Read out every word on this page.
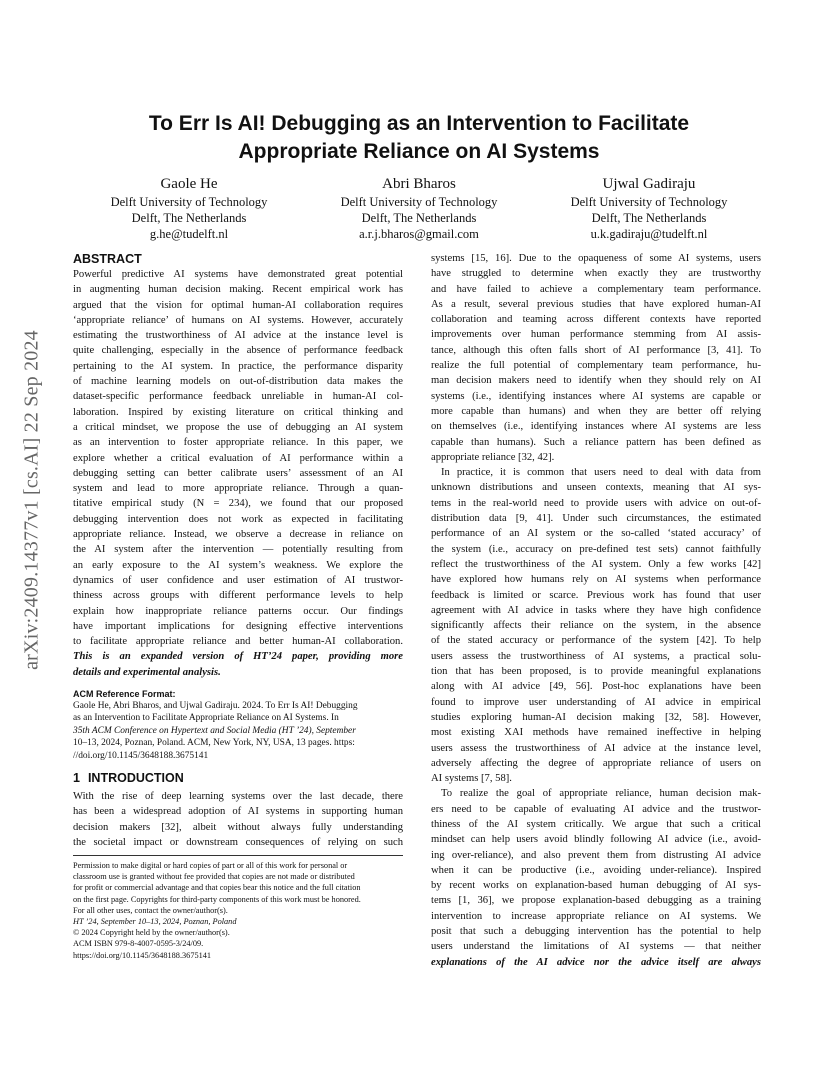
arXiv:2409.14377v1 [cs.AI] 22 Sep 2024
To Err Is AI! Debugging as an Intervention to Facilitate
Appropriate Reliance on AI Systems
Gaole He
Delft University of Technology
Delft, The Netherlands
g.he@tudelft.nl
Abri Bharos
Delft University of Technology
Delft, The Netherlands
a.r.j.bharos@gmail.com
Ujwal Gadiraju
Delft University of Technology
Delft, The Netherlands
u.k.gadiraju@tudelft.nl
ABSTRACT

Powerful predictive AI systems have demonstrated great potential
in augmenting human decision making. Recent empirical work has
argued that the vision for optimal human-AI collaboration requires
‘appropriate reliance’ of humans on AI systems. However, accurately
estimating the trustworthiness of AI advice at the instance level is
quite challenging, especially in the absence of performance feedback
pertaining to the AI system. In practice, the performance disparity
of machine learning models on out-of-distribution data makes the
dataset-specific performance feedback unreliable in human-AI col-
laboration. Inspired by existing literature on critical thinking and
a critical mindset, we propose the use of debugging an AI system
as an intervention to foster appropriate reliance. In this paper, we
explore whether a critical evaluation of AI performance within a
debugging setting can better calibrate users’ assessment of an AI
system and lead to more appropriate reliance. Through a quan-
titative empirical study (N = 234), we found that our proposed
debugging intervention does not work as expected in facilitating
appropriate reliance. Instead, we observe a decrease in reliance on
the AI system after the intervention — potentially resulting from
an early exposure to the AI system’s weakness. We explore the
dynamics of user confidence and user estimation of AI trustwor-
thiness across groups with different performance levels to help
explain how inappropriate reliance patterns occur. Our findings
have important implications for designing effective interventions
to facilitate appropriate reliance and better human-AI collaboration.
This is an expanded version of HT’24 paper, providing more
details and experimental analysis.

ACM Reference Format:

Gaole He, Abri Bharos, and Ujwal Gadiraju. 2024. To Err Is AI! Debugging
as an Intervention to Facilitate Appropriate Reliance on AI Systems. In
35th ACM Conference on Hypertext and Social Media (HT ’24), September
10–13, 2024, Poznan, Poland. ACM, New York, NY, USA, 13 pages. https:
//doi.org/10.1145/3648188.3675141

1 INTRODUCTION

With the rise of deep learning systems over the last decade, there
has been a widespread adoption of AI systems in supporting human
decision makers [32], albeit without always fully understanding
the societal impact or downstream consequences of relying on such

Permission to make digital or hard copies of part or all of this work for personal or
classroom use is granted without fee provided that copies are not made or distributed
for profit or commercial advantage and that copies bear this notice and the full citation
on the first page. Copyrights for third-party components of this work must be honored.
For all other uses, contact the owner/author(s).
HT ’24, September 10–13, 2024, Poznan, Poland
© 2024 Copyright held by the owner/author(s).
ACM ISBN 979-8-4007-0595-3/24/09.
https://doi.org/10.1145/3648188.3675141

systems [15, 16]. Due to the opaqueness of some AI systems, users
have struggled to determine when exactly they are trustworthy
and have failed to achieve a complementary team performance.
As a result, several previous studies that have explored human-AI
collaboration and teaming across different contexts have reported
improvements over human performance stemming from AI assis-
tance, although this often falls short of AI performance [3, 41]. To
realize the full potential of complementary team performance, hu-
man decision makers need to identify when they should rely on AI
systems (i.e., identifying instances where AI systems are capable or
more capable than humans) and when they are better off relying
on themselves (i.e., identifying instances where AI systems are less
capable than humans). Such a reliance pattern has been defined as
appropriate reliance [32, 42].

In practice, it is common that users need to deal with data from
unknown distributions and unseen contexts, meaning that AI sys-
tems in the real-world need to provide users with advice on out-of-
distribution data [9, 41]. Under such circumstances, the estimated
performance of an AI system or the so-called ‘stated accuracy’ of
the system (i.e., accuracy on pre-defined test sets) cannot faithfully
reflect the trustworthiness of the AI system. Only a few works [42]
have explored how humans rely on AI systems when performance
feedback is limited or scarce. Previous work has found that user
agreement with AI advice in tasks where they have high confidence
significantly affects their reliance on the system, in the absence
of the stated accuracy or performance of the system [42]. To help
users assess the trustworthiness of AI systems, a practical solu-
tion that has been proposed, is to provide meaningful explanations
along with AI advice [49, 56]. Post-hoc explanations have been
found to improve user understanding of AI advice in empirical
studies exploring human-AI decision making [32, 58]. However,
most existing XAI methods have remained ineffective in helping
users assess the trustworthiness of AI advice at the instance level,
adversely affecting the degree of appropriate reliance of users on
AI systems [7, 58].

To realize the goal of appropriate reliance, human decision mak-
ers need to be capable of evaluating AI advice and the trustwor-
thiness of the AI system critically. We argue that such a critical
mindset can help users avoid blindly following AI advice (i.e., avoid-
ing over-reliance), and also prevent them from distrusting AI advice
when it can be productive (i.e., avoiding under-reliance). Inspired
by recent works on explanation-based human debugging of AI sys-
tems [1, 36], we propose explanation-based debugging as a training
intervention to increase appropriate reliance on AI systems. We
posit that such a debugging intervention has the potential to help
users understand the limitations of AI systems — that neither
explanations of the AI advice nor the advice itself are always
